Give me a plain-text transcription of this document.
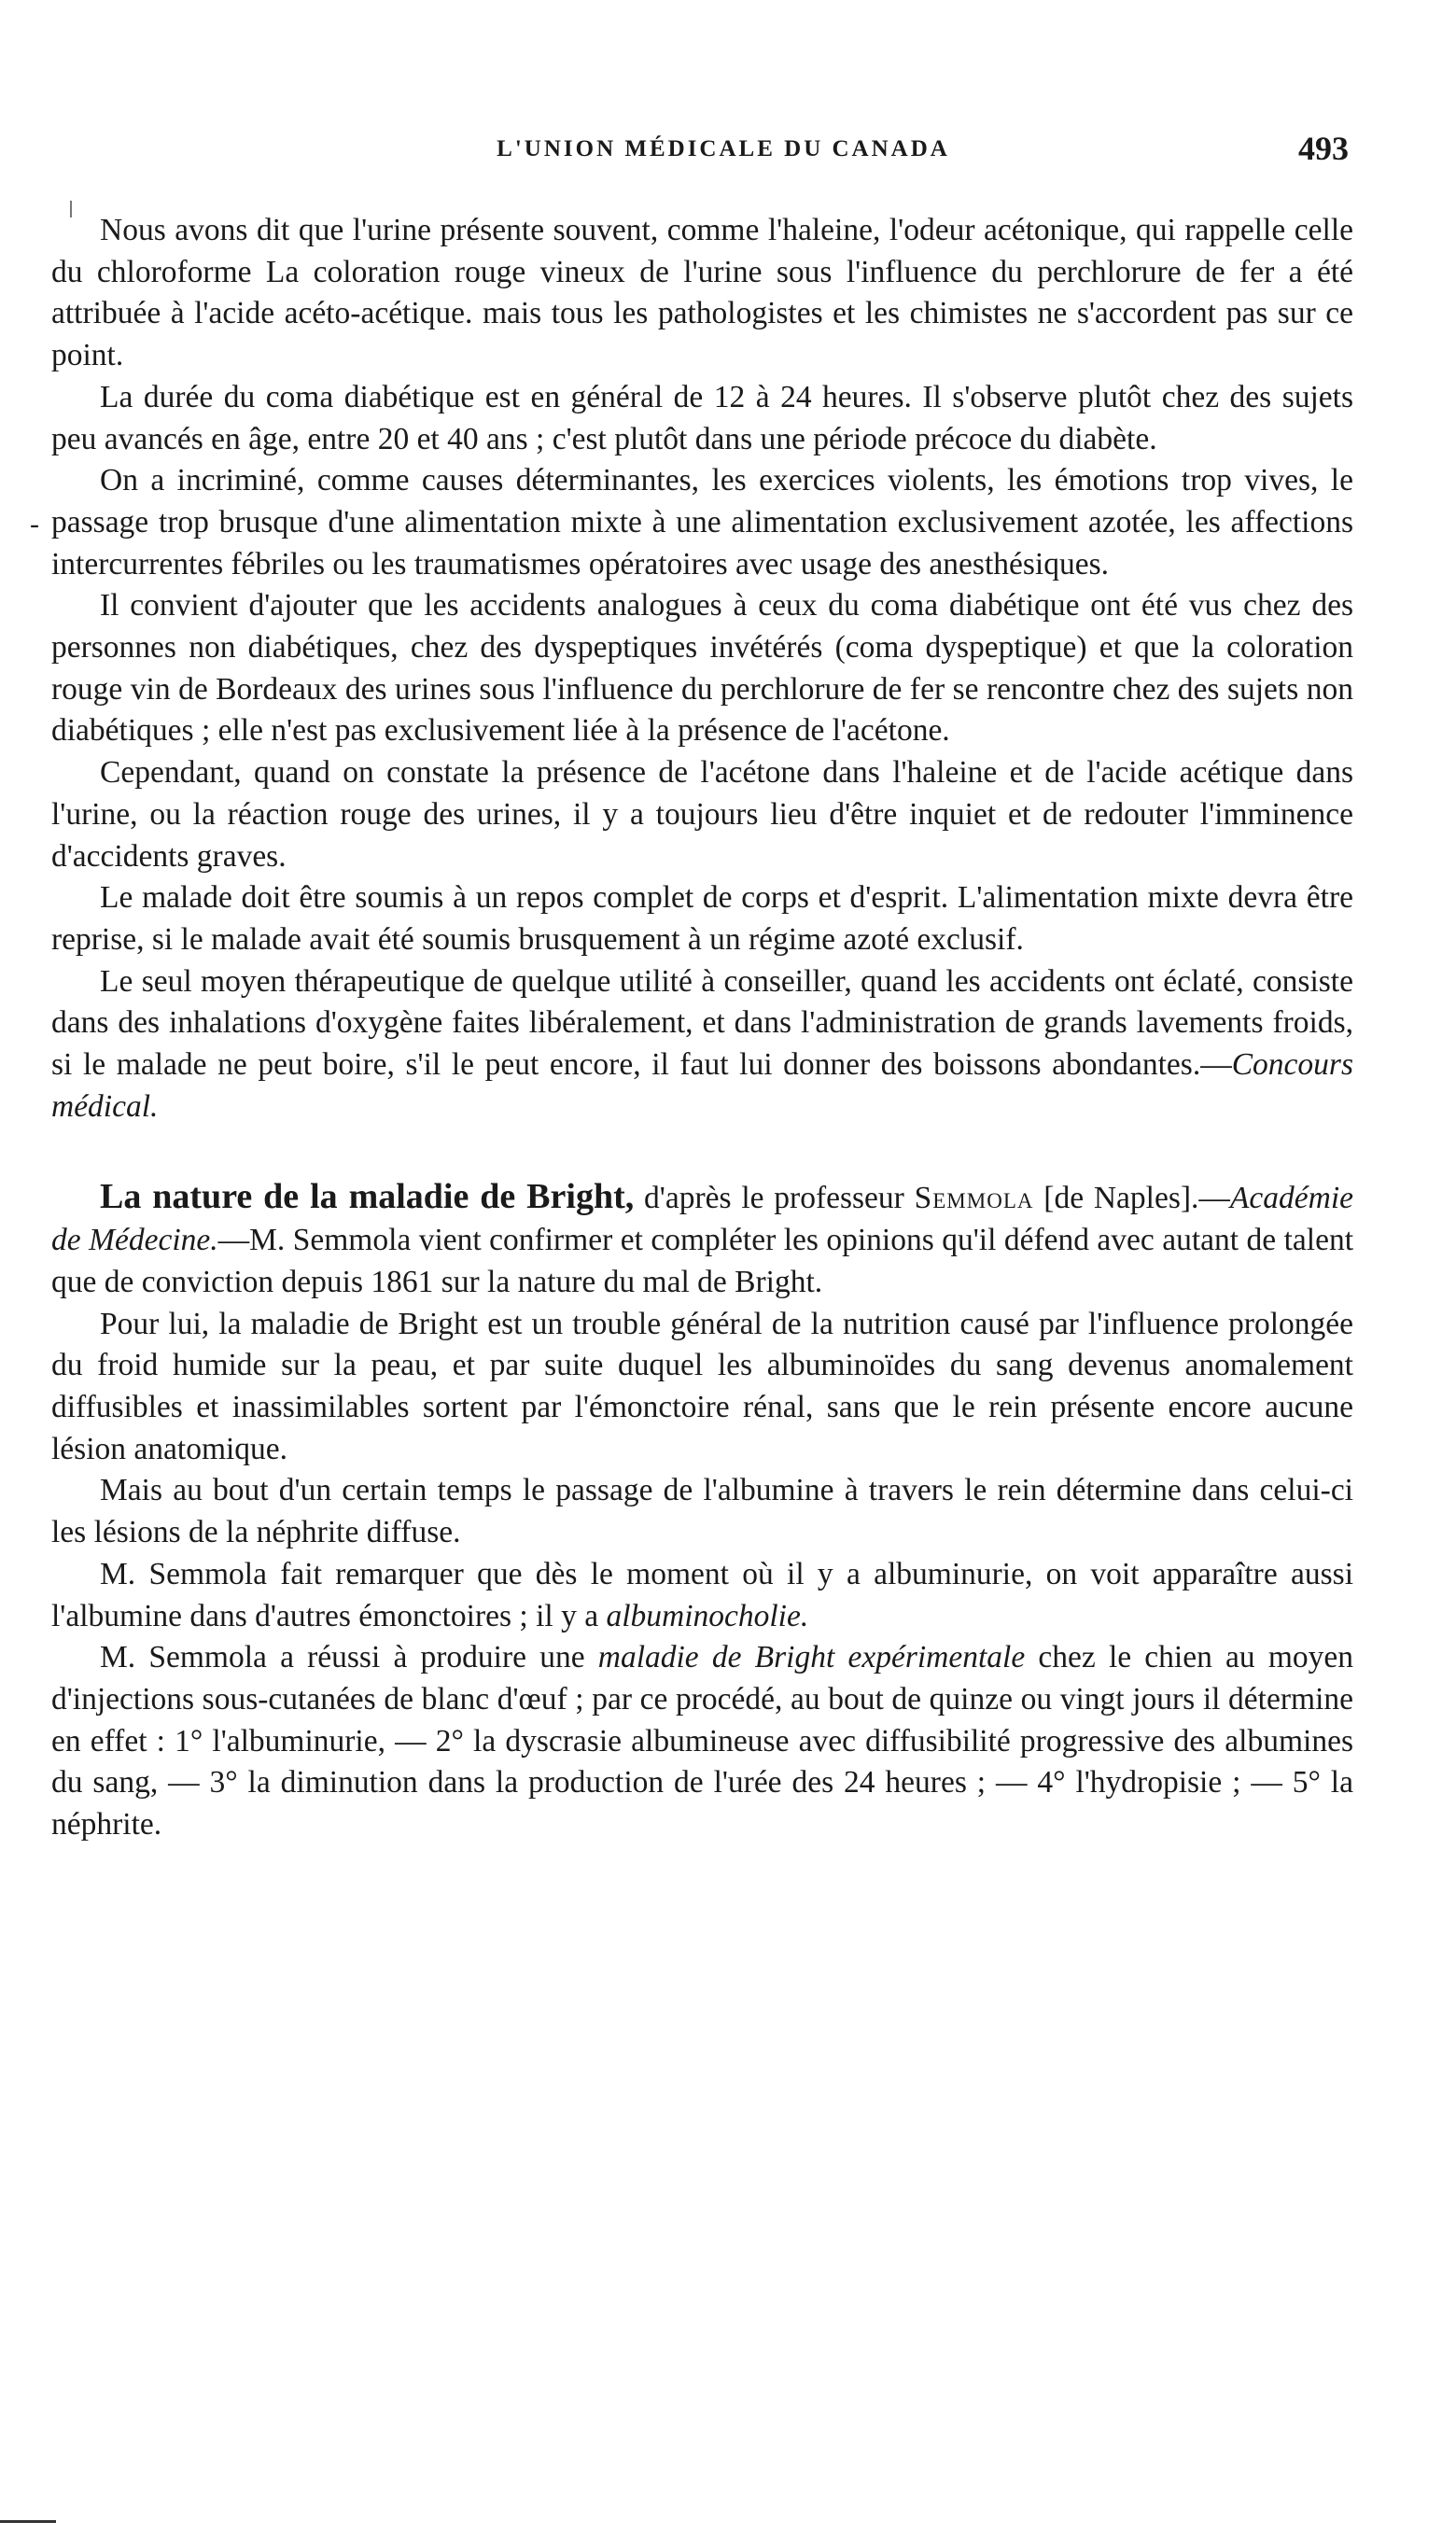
-
L'UNION MÉDICALE DU CANADA	493

Nous avons dit que l'urine présente souvent, comme l'haleine, l'odeur acétonique, qui rappelle celle du chloroforme La coloration rouge vineux de l'urine sous l'influence du perchlorure de fer a été attribuée à l'acide acéto-acétique. mais tous les pathologistes et les chimistes ne s'accordent pas sur ce point.

La durée du coma diabétique est en général de 12 à 24 heures. Il s'observe plutôt chez des sujets peu avancés en âge, entre 20 et 40 ans ; c'est plutôt dans une période précoce du diabète.

On a incriminé, comme causes déterminantes, les exercices violents, les émotions trop vives, le passage trop brusque d'une alimentation mixte à une alimentation exclusivement azotée, les affections intercurrentes fébriles ou les traumatismes opératoires avec usage des anesthésiques.

Il convient d'ajouter que les accidents analogues à ceux du coma diabétique ont été vus chez des personnes non diabétiques, chez des dyspeptiques invétérés (coma dyspeptique) et que la coloration rouge vin de Bordeaux des urines sous l'influence du perchlorure de fer se rencontre chez des sujets non diabétiques ; elle n'est pas exclusivement liée à la présence de l'acétone.

Cependant, quand on constate la présence de l'acétone dans l'haleine et de l'acide acétique dans l'urine, ou la réaction rouge des urines, il y a toujours lieu d'être inquiet et de redouter l'imminence d'accidents graves.

Le malade doit être soumis à un repos complet de corps et d'esprit. L'alimentation mixte devra être reprise, si le malade avait été soumis brusquement à un régime azoté exclusif.

Le seul moyen thérapeutique de quelque utilité à conseiller, quand les accidents ont éclaté, consiste dans des inhalations d'oxygène faites libéralement, et dans l'administration de grands lavements froids, si le malade ne peut boire, s'il le peut encore, il faut lui donner des boissons abondantes.—Concours médical.

La nature de la maladie de Bright, d'après le professeur Semmola [de Naples].—Académie de Médecine.—M. Semmola vient confirmer et compléter les opinions qu'il défend avec autant de talent que de conviction depuis 1861 sur la nature du mal de Bright.

Pour lui, la maladie de Bright est un trouble général de la nutrition causé par l'influence prolongée du froid humide sur la peau, et par suite duquel les albuminoïdes du sang devenus anomalement diffusibles et inassimilables sortent par l'émonctoire rénal, sans que le rein présente encore aucune lésion anatomique.

Mais au bout d'un certain temps le passage de l'albumine à travers le rein détermine dans celui-ci les lésions de la néphrite diffuse.

M. Semmola fait remarquer que dès le moment où il y a albuminurie, on voit apparaître aussi l'albumine dans d'autres émonctoires ; il y a albuminocholie.

M. Semmola a réussi à produire une maladie de Bright expérimentale chez le chien au moyen d'injections sous-cutanées de blanc d'œuf ; par ce procédé, au bout de quinze ou vingt jours il détermine en effet : 1° l'albuminurie, — 2° la dyscrasie albumineuse avec diffusibilité progressive des albumines du sang, — 3° la diminution dans la production de l'urée des 24 heures ; — 4° l'hydropisie ; — 5° la néphrite.
